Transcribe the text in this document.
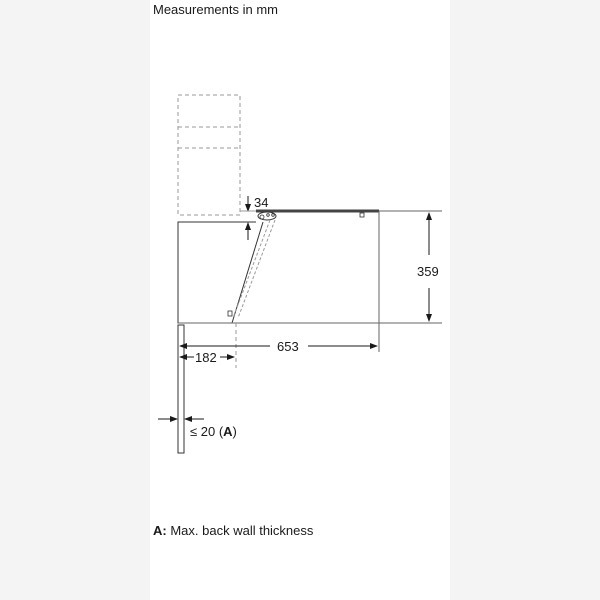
Measurements in mm
34
359
653
182
≤ 20 (A)
A: Max. back wall thickness
